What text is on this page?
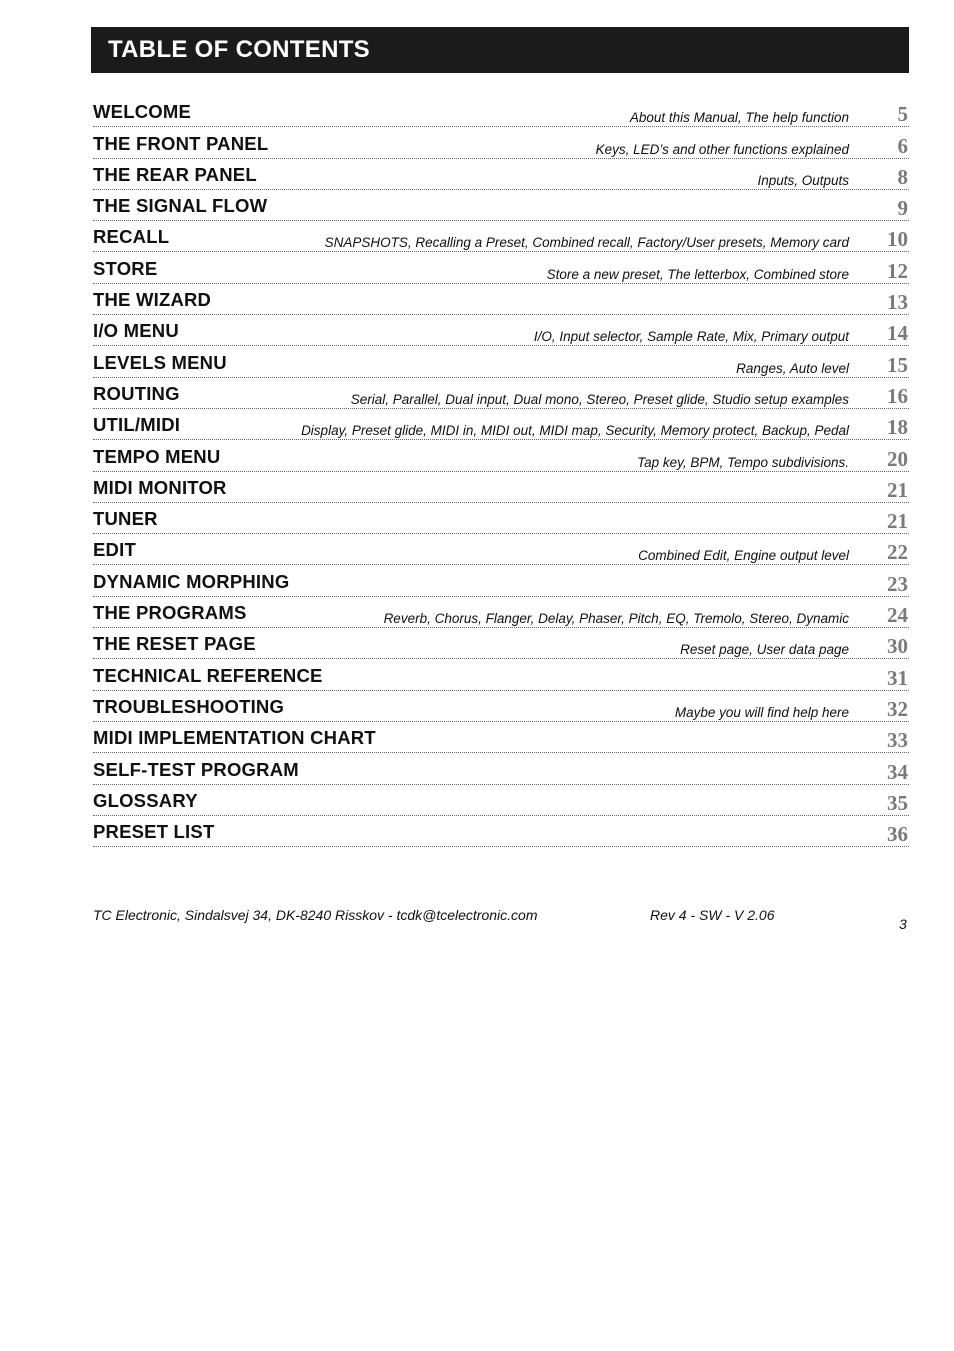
TABLE OF CONTENTS
WELCOME	About this Manual, The help function 5
THE FRONT PANEL	Keys, LED’s and other functions explained 6
THE REAR PANEL	Inputs, Outputs 8
THE SIGNAL FLOW	9
RECALL	SNAPSHOTS, Recalling a Preset, Combined recall, Factory/User presets, Memory card 10
STORE	Store a new preset, The letterbox, Combined store 12
THE WIZARD	13
I/O MENU	I/O, Input selector, Sample Rate, Mix, Primary output 14
LEVELS MENU	Ranges, Auto level 15
ROUTING	Serial, Parallel, Dual input, Dual mono, Stereo, Preset glide, Studio setup examples 16
UTIL/MIDI	Display, Preset glide, MIDI in, MIDI out, MIDI map, Security, Memory protect, Backup, Pedal 18
TEMPO MENU	Tap key, BPM, Tempo subdivisions. 20
MIDI MONITOR	21
TUNER	21
EDIT	Combined Edit, Engine output level 22
DYNAMIC MORPHING	23
THE PROGRAMS	Reverb, Chorus, Flanger, Delay, Phaser, Pitch, EQ, Tremolo, Stereo, Dynamic 24
THE RESET PAGE	Reset page, User data page 30
TECHNICAL REFERENCE	31
TROUBLESHOOTING	Maybe you will find help here 32
MIDI IMPLEMENTATION CHART	33
SELF-TEST PROGRAM	34
GLOSSARY	35
PRESET LIST	36
TC Electronic, Sindalsvej 34, DK-8240 Risskov - tcdk@tcelectronic.com	Rev 4 - SW - V 2.06
3
